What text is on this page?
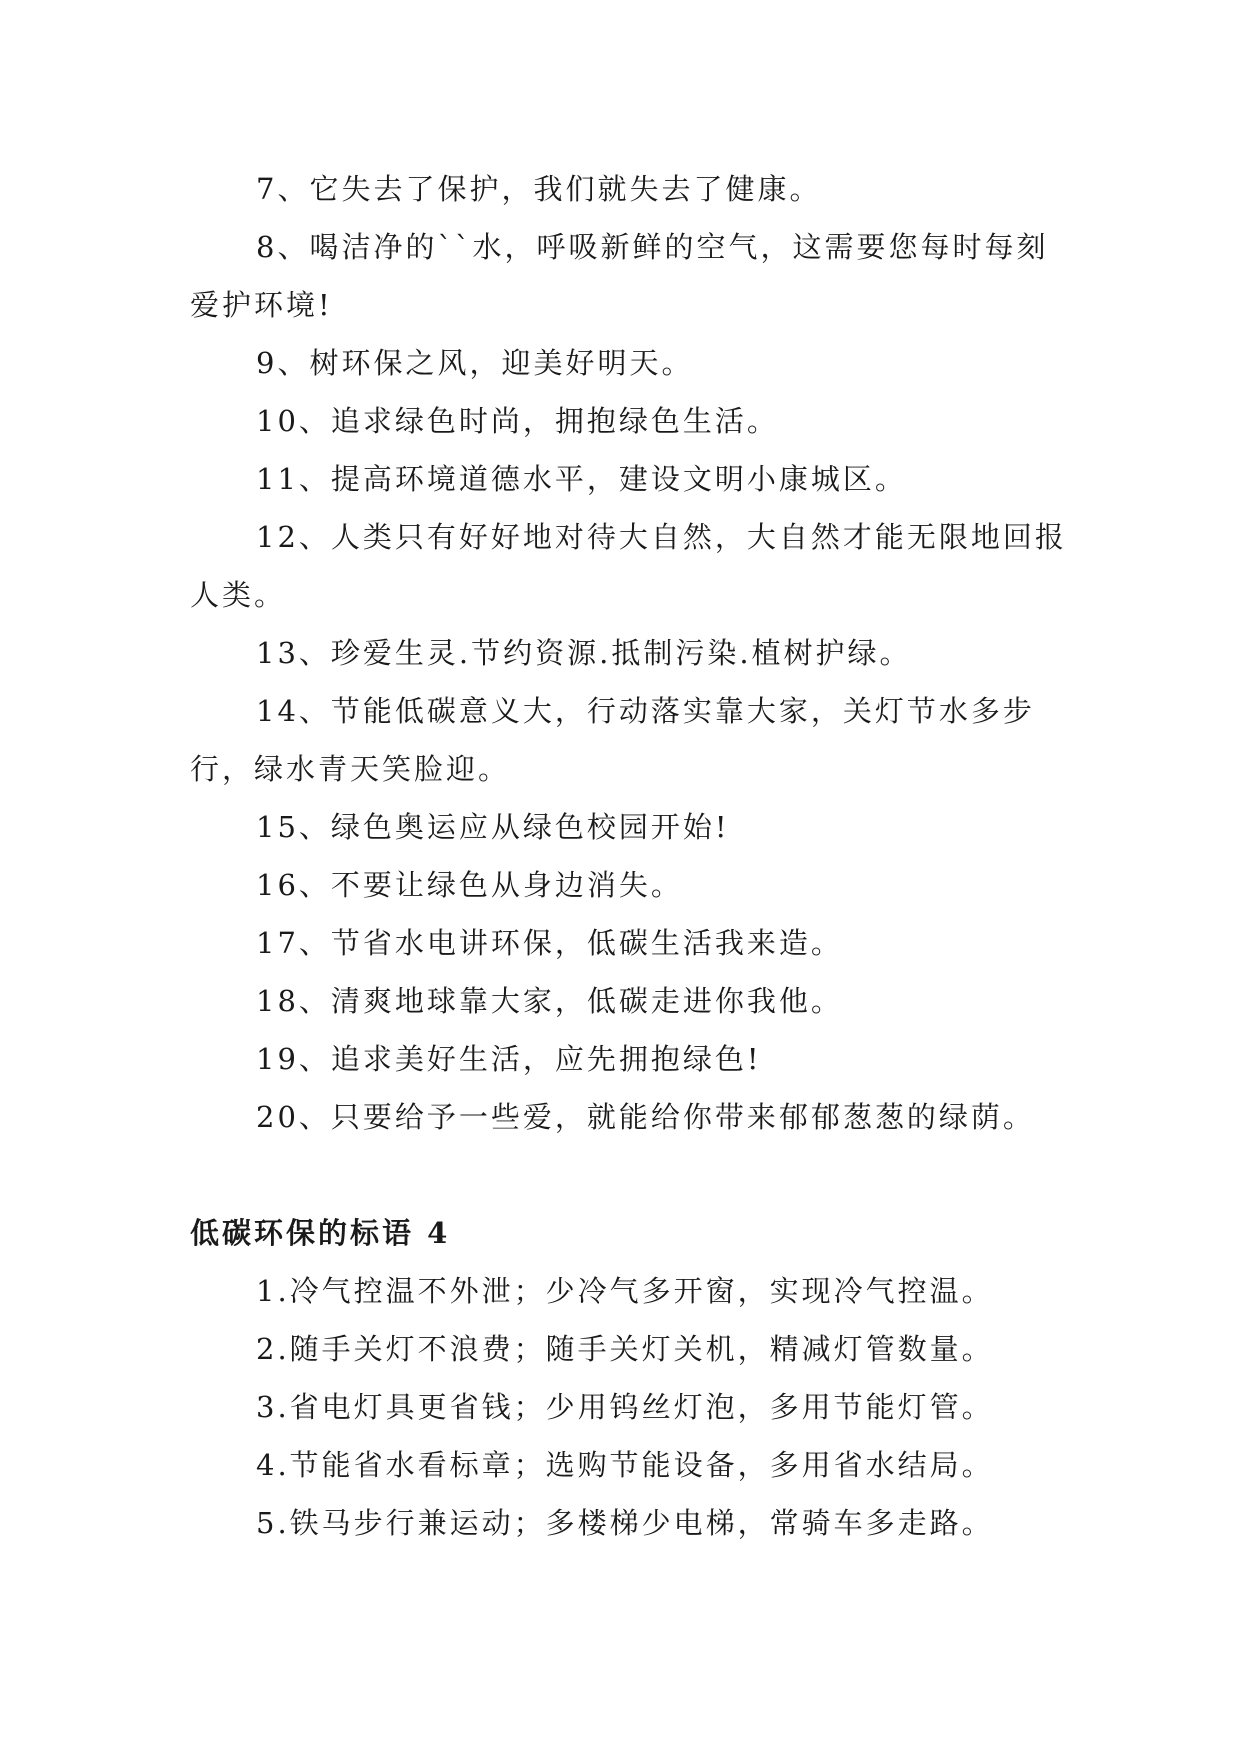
7、它失去了保护，我们就失去了健康。

8、喝洁净的``水，呼吸新鲜的空气，这需要您每时每刻爱护环境!

9、树环保之风，迎美好明天。

10、追求绿色时尚，拥抱绿色生活。

11、提高环境道德水平，建设文明小康城区。

12、人类只有好好地对待大自然，大自然才能无限地回报人类。

13、珍爱生灵.节约资源.抵制污染.植树护绿。

14、节能低碳意义大，行动落实靠大家，关灯节水多步行，绿水青天笑脸迎。

15、绿色奥运应从绿色校园开始!

16、不要让绿色从身边消失。

17、节省水电讲环保，低碳生活我来造。

18、清爽地球靠大家，低碳走进你我他。

19、追求美好生活，应先拥抱绿色!

20、只要给予一些爱，就能给你带来郁郁葱葱的绿荫。

低碳环保的标语 4

1.冷气控温不外泄；少冷气多开窗，实现冷气控温。

2.随手关灯不浪费；随手关灯关机，精减灯管数量。

3.省电灯具更省钱；少用钨丝灯泡，多用节能灯管。

4.节能省水看标章；选购节能设备，多用省水结局。

5.铁马步行兼运动；多楼梯少电梯，常骑车多走路。
